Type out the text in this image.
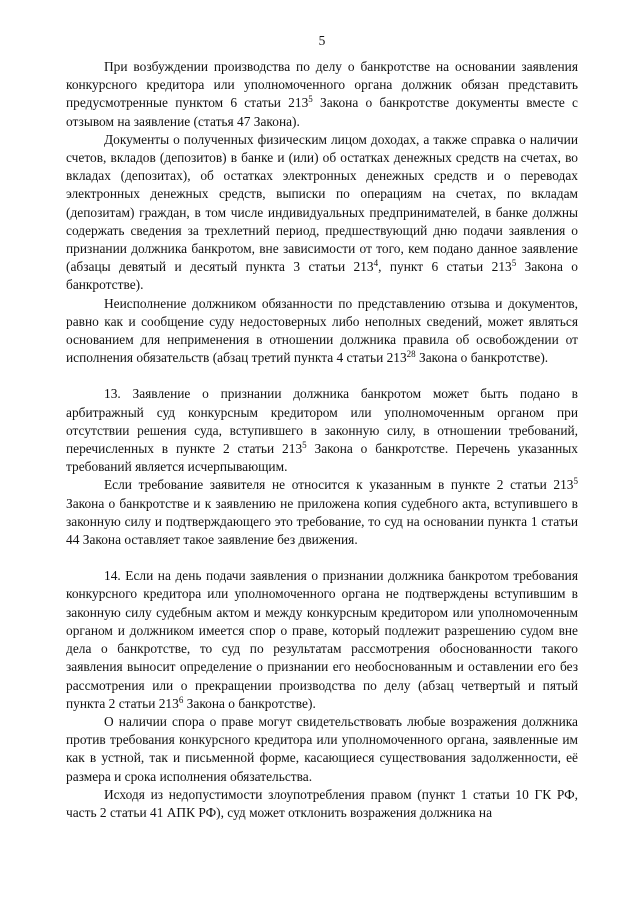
5

При возбуждении производства по делу о банкротстве на основании заявления конкурсного кредитора или уполномоченного органа должник обязан представить предусмотренные пунктом 6 статьи $213^5$ Закона о банкротстве документы вместе с отзывом на заявление (статья 47 Закона).

Документы о полученных физическим лицом доходах, а также справка о наличии счетов, вкладов (депозитов) в банке и (или) об остатках денежных средств на счетах, во вкладах (депозитах), об остатках электронных денежных средств и о переводах электронных денежных средств, выписки по операциям на счетах, по вкладам (депозитам) граждан, в том числе индивидуальных предпринимателей, в банке должны содержать сведения за трехлетний период, предшествующий дню подачи заявления о признании должника банкротом, вне зависимости от того, кем подано данное заявление (абзацы девятый и десятый пункта 3 статьи $213^4$, пункт 6 статьи $213^5$ Закона о банкротстве).

Неисполнение должником обязанности по представлению отзыва и документов, равно как и сообщение суду недостоверных либо неполных сведений, может являться основанием для неприменения в отношении должника правила об освобождении от исполнения обязательств (абзац третий пункта 4 статьи $213^{28}$ Закона о банкротстве).

13. Заявление о признании должника банкротом может быть подано в арбитражный суд конкурсным кредитором или уполномоченным органом при отсутствии решения суда, вступившего в законную силу, в отношении требований, перечисленных в пункте 2 статьи $213^5$ Закона о банкротстве. Перечень указанных требований является исчерпывающим.

Если требование заявителя не относится к указанным в пункте 2 статьи $213^5$ Закона о банкротстве и к заявлению не приложена копия судебного акта, вступившего в законную силу и подтверждающего это требование, то суд на основании пункта 1 статьи 44 Закона оставляет такое заявление без движения.

14. Если на день подачи заявления о признании должника банкротом требования конкурсного кредитора или уполномоченного органа не подтверждены вступившим в законную силу судебным актом и между конкурсным кредитором или уполномоченным органом и должником имеется спор о праве, который подлежит разрешению судом вне дела о банкротстве, то суд по результатам рассмотрения обоснованности такого заявления выносит определение о признании его необоснованным и оставлении его без рассмотрения или о прекращении производства по делу (абзац четвертый и пятый пункта 2 статьи $213^6$ Закона о банкротстве).

О наличии спора о праве могут свидетельствовать любые возражения должника против требования конкурсного кредитора или уполномоченного органа, заявленные им как в устной, так и письменной форме, касающиеся существования задолженности, её размера и срока исполнения обязательства.

Исходя из недопустимости злоупотребления правом (пункт 1 статьи 10 ГК РФ, часть 2 статьи 41 АПК РФ), суд может отклонить возражения должника на
